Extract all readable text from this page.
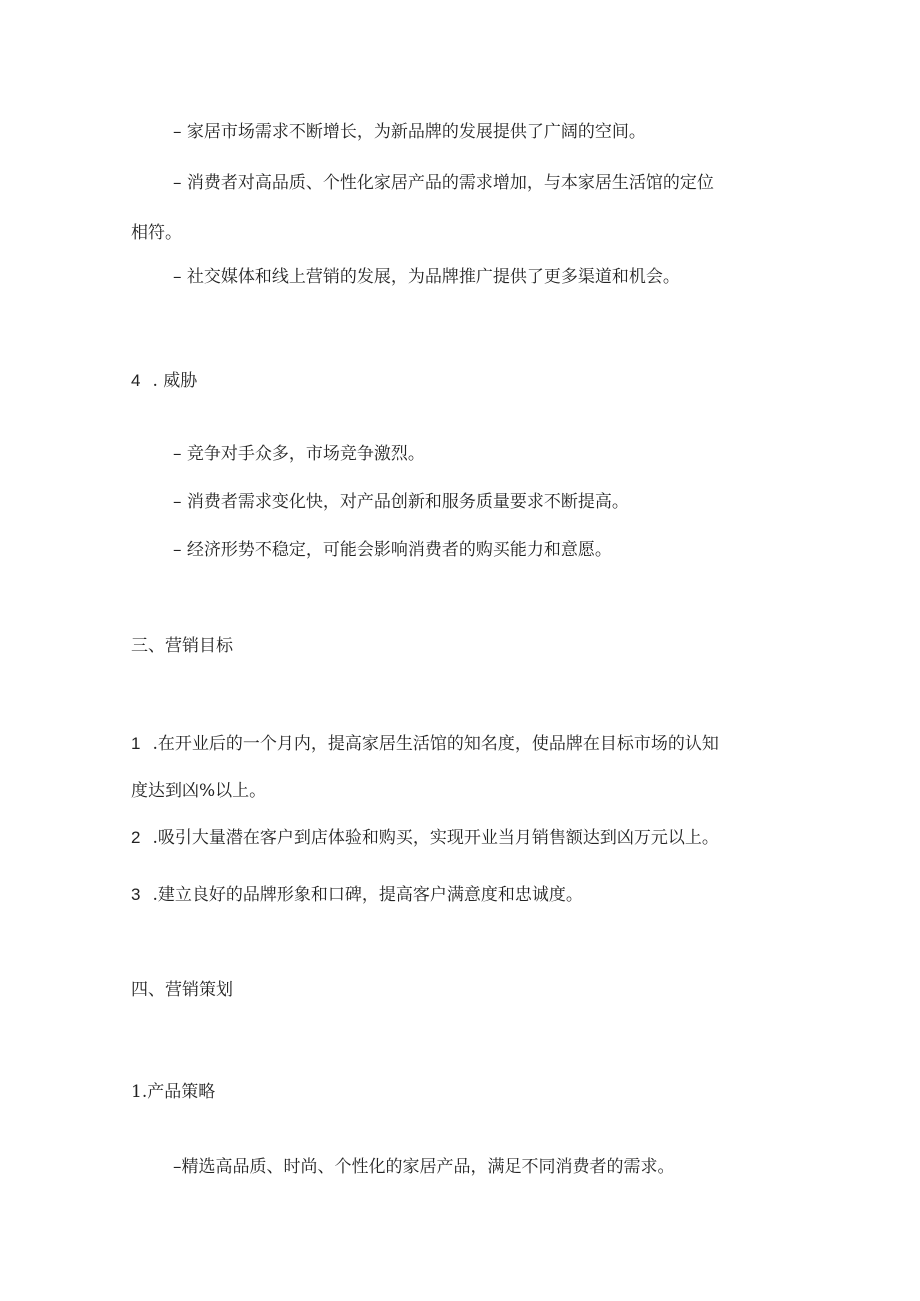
– 家居市场需求不断增长，为新品牌的发展提供了广阔的空间。
– 消费者对高品质、个性化家居产品的需求增加，与本家居生活馆的定位
相符。
– 社交媒体和线上营销的发展，为品牌推广提供了更多渠道和机会。
4 . 威胁
– 竞争对手众多，市场竞争激烈。
– 消费者需求变化快，对产品创新和服务质量要求不断提高。
– 经济形势不稳定，可能会影响消费者的购买能力和意愿。
三、营销目标
1 .在开业后的一个月内，提高家居生活馆的知名度，使品牌在目标市场的认知
度达到凶%以上。
2 .吸引大量潜在客户到店体验和购买，实现开业当月销售额达到凶万元以上。
3 .建立良好的品牌形象和口碑，提高客户满意度和忠诚度。
四、营销策划
1.产品策略
–精选高品质、时尚、个性化的家居产品，满足不同消费者的需求。
